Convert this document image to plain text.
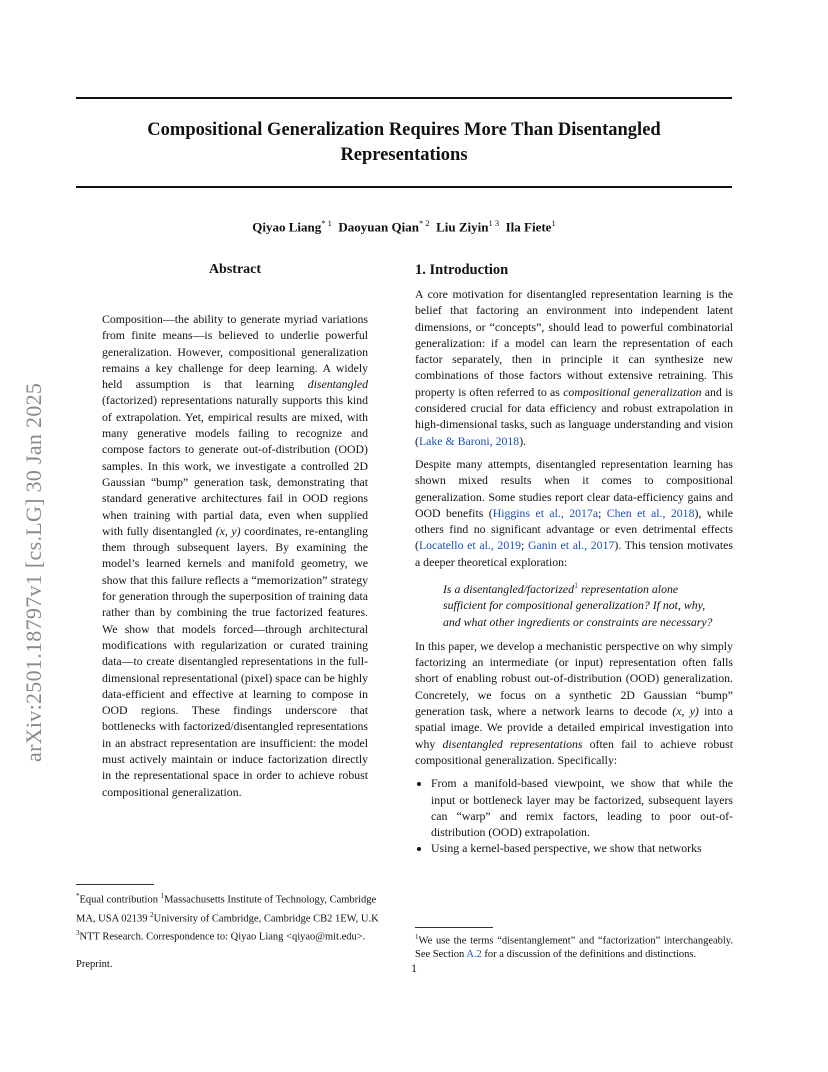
Compositional Generalization Requires More Than Disentangled
Representations
Qiyao Liang$^{* 1}$ Daoyuan Qian$^{* 2}$ Liu Ziyin$^{1 3}$ Ila Fiete$^1$
arXiv:2501.18797v1 [cs.LG] 30 Jan 2025
Abstract

Composition—the ability to generate myriad variations from finite means—is believed to underlie powerful generalization. However, compositional generalization remains a key challenge for deep learning. A widely held assumption is that learning disentangled (factorized) representations naturally supports this kind of extrapolation. Yet, empirical results are mixed, with many generative models failing to recognize and compose factors to generate out-of-distribution (OOD) samples. In this work, we investigate a controlled 2D Gaussian “bump” generation task, demonstrating that standard generative architectures fail in OOD regions when training with partial data, even when supplied with fully disentangled (x, y) coordinates, re-entangling them through subsequent layers. By examining the model’s learned kernels and manifold geometry, we show that this failure reflects a “memorization” strategy for generation through the superposition of training data rather than by combining the true factorized features. We show that models forced—through architectural modifications with regularization or curated training data—to create disentangled representations in the full-dimensional representational (pixel) space can be highly data-efficient and effective at learning to compose in OOD regions. These findings underscore that bottlenecks with factorized/disentangled representations in an abstract representation are insufficient: the model must actively maintain or induce factorization directly in the representational space in order to achieve robust compositional generalization.

1. Introduction

A core motivation for disentangled representation learning is the belief that factoring an environment into independent latent dimensions, or “concepts”, should lead to powerful combinatorial generalization: if a model can learn the representation of each factor separately, then in principle it can synthesize new combinations of those factors without extensive retraining. This property is often referred to as compositional generalization and is considered crucial for data efficiency and robust extrapolation in high-dimensional tasks, such as language understanding and vision (Lake & Baroni, 2018).

Despite many attempts, disentangled representation learning has shown mixed results when it comes to compositional generalization. Some studies report clear data-efficiency gains and OOD benefits (Higgins et al., 2017a; Chen et al., 2018), while others find no significant advantage or even detrimental effects (Locatello et al., 2019; Ganin et al., 2017). This tension motivates a deeper theoretical exploration:

Is a disentangled/factorized$^1$ representation alone sufficient for compositional generalization? If not, why, and what other ingredients or constraints are necessary?

In this paper, we develop a mechanistic perspective on why simply factorizing an intermediate (or input) representation often falls short of enabling robust out-of-distribution (OOD) generalization. Concretely, we focus on a synthetic 2D Gaussian “bump” generation task, where a network learns to decode (x, y) into a spatial image. We provide a detailed empirical investigation into why disentangled representations often fail to achieve robust compositional generalization. Specifically:

• From a manifold-based viewpoint, we show that while the input or bottleneck layer may be factorized, subsequent layers can “warp” and remix factors, leading to poor out-of-distribution (OOD) extrapolation.
• Using a kernel-based perspective, we show that networks
*Equal contribution $^1$Massachusetts Institute of Technology, Cambridge MA, USA 02139 $^2$University of Cambridge, Cambridge CB2 1EW, U.K $^3$NTT Research. Correspondence to: Qiyao Liang <qiyao@mit.edu>.
Preprint.
$^1$We use the terms “disentanglement” and “factorization” interchangeably. See Section A.2 for a discussion of the definitions and distinctions.
1
